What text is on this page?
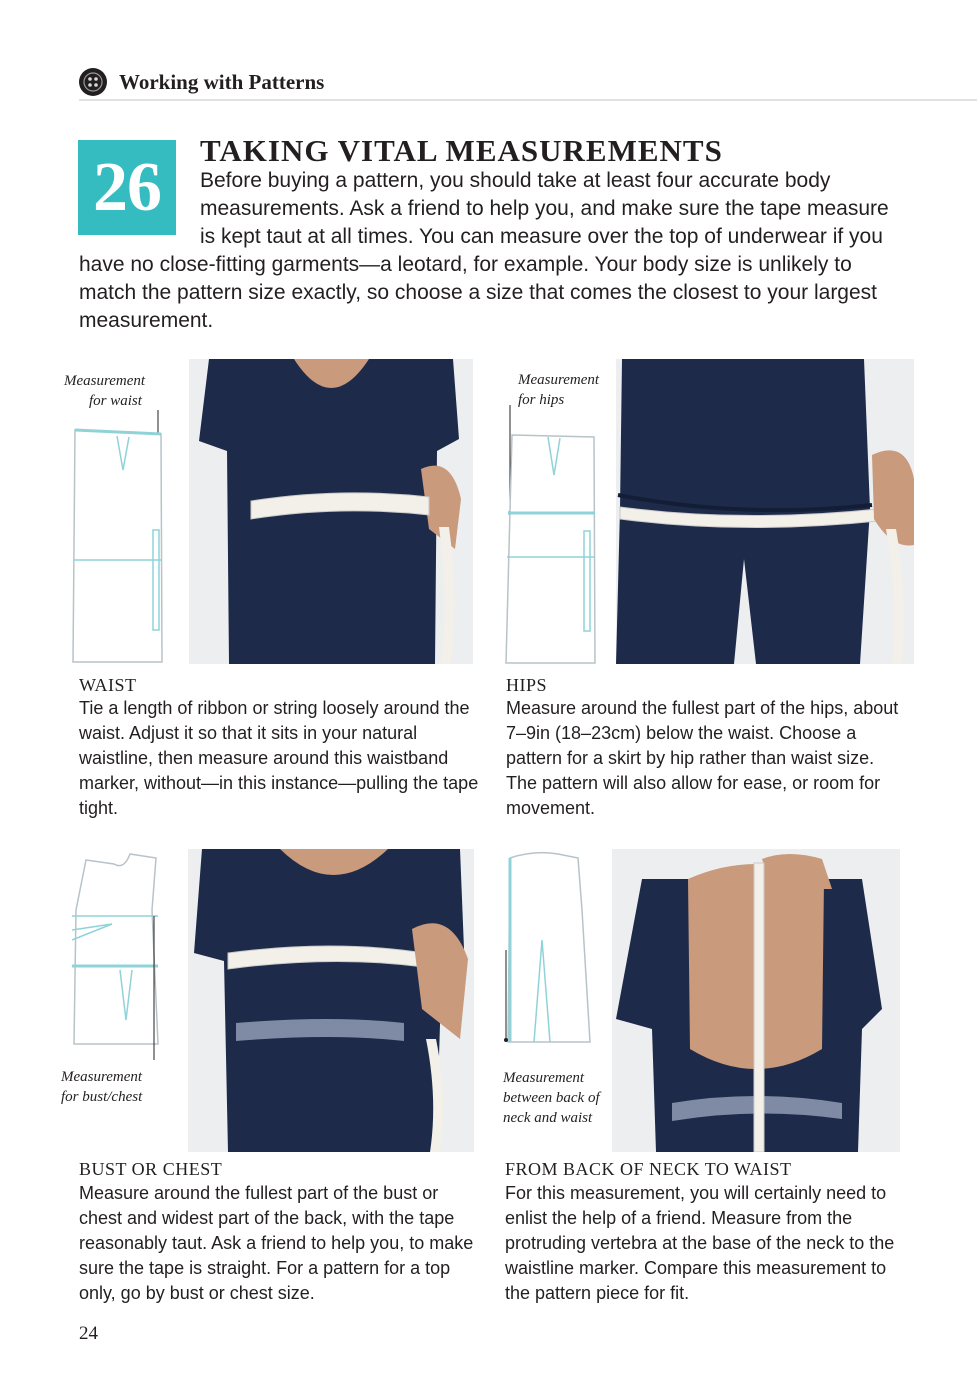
Working with Patterns
26	TAKING VITAL MEASUREMENTS
Before buying a pattern, you should take at least four accurate body measurements. Ask a friend to help you, and make sure the tape measure is kept taut at all times. You can measure over the top of underwear if you have no close-fitting garments—a leotard, for example. Your body size is unlikely to match the pattern size exactly, so choose a size that comes the closest to your largest measurement.
Measurement
for waist
WAIST
Tie a length of ribbon or string loosely around the waist. Adjust it so that it sits in your natural waistline, then measure around this waistband marker, without—in this instance—pulling the tape tight.
Measurement
for hips
HIPS
Measure around the fullest part of the hips, about 7–9in (18–23cm) below the waist. Choose a pattern for a skirt by hip rather than waist size. The pattern will also allow for ease, or room for movement.
Measurement
for bust/chest
BUST OR CHEST
Measure around the fullest part of the bust or chest and widest part of the back, with the tape reasonably taut. Ask a friend to help you, to make sure the tape is straight. For a pattern for a top only, go by bust or chest size.
Measurement
between back of
neck and waist
FROM BACK OF NECK TO WAIST
For this measurement, you will certainly need to enlist the help of a friend. Measure from the protruding vertebra at the base of the neck to the waistline marker. Compare this measurement to the pattern piece for fit.
24
